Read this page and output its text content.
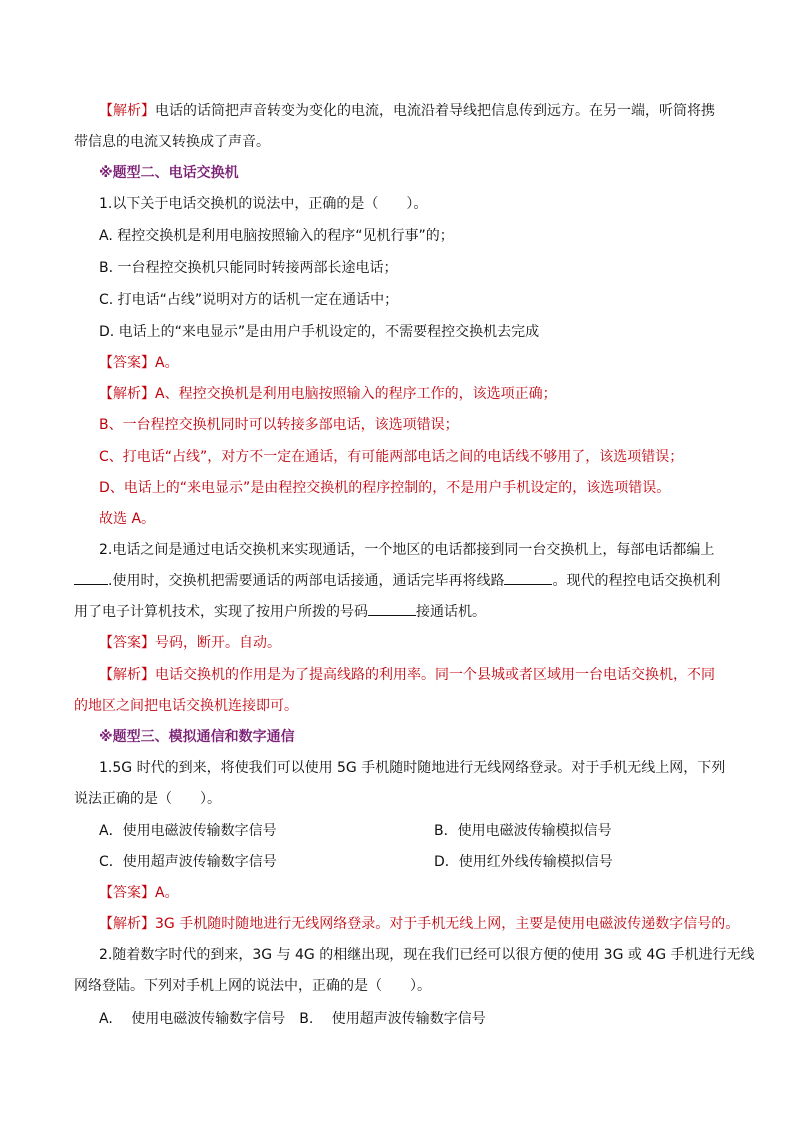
【解析】电话的话筒把声音转变为变化的电流，电流沿着导线把信息传到远方。在另一端，听筒将携
带信息的电流又转换成了声音。
※题型二、电话交换机
1.以下关于电话交换机的说法中，正确的是（　　）。
A. 程控交换机是利用电脑按照输入的程序“见机行事”的；
B. 一台程控交换机只能同时转接两部长途电话；
C. 打电话“占线”说明对方的话机一定在通话中；
D. 电话上的“来电显示”是由用户手机设定的，不需要程控交换机去完成
【答案】A。
【解析】A、程控交换机是利用电脑按照输入的程序工作的，该选项正确；
B、一台程控交换机同时可以转接多部电话，该选项错误；
C、打电话“占线”，对方不一定在通话，有可能两部电话之间的电话线不够用了，该选项错误；
D、电话上的“来电显示”是由程控交换机的程序控制的，不是用户手机设定的，该选项错误。
故选 A。
2.电话之间是通过电话交换机来实现通话，一个地区的电话都接到同一台交换机上，每部电话都编上
.使用时，交换机把需要通话的两部电话接通，通话完毕再将线路	。现代的程控电话交换机利
用了电子计算机技术，实现了按用户所拨的号码	接通话机。
【答案】号码，断开。自动。
【解析】电话交换机的作用是为了提高线路的利用率。同一个县城或者区域用一台电话交换机，不同
的地区之间把电话交换机连接即可。
※题型三、模拟通信和数字通信
1.5G 时代的到来，将使我们可以使用 5G 手机随时随地进行无线网络登录。对于手机无线上网，下列
说法正确的是（　　）。
A．使用电磁波传输数字信号	B．使用电磁波传输模拟信号
C．使用超声波传输数字信号	D．使用红外线传输模拟信号
【答案】A。
【解析】3G 手机随时随地进行无线网络登录。对于手机无线上网，主要是使用电磁波传递数字信号的。
2.随着数字时代的到来，3G 与 4G 的相继出现，现在我们已经可以很方便的使用 3G 或 4G 手机进行无线
网络登陆。下列对手机上网的说法中，正确的是（　　）。
A.　 使用电磁波传输数字信号　B.　 使用超声波传输数字信号
